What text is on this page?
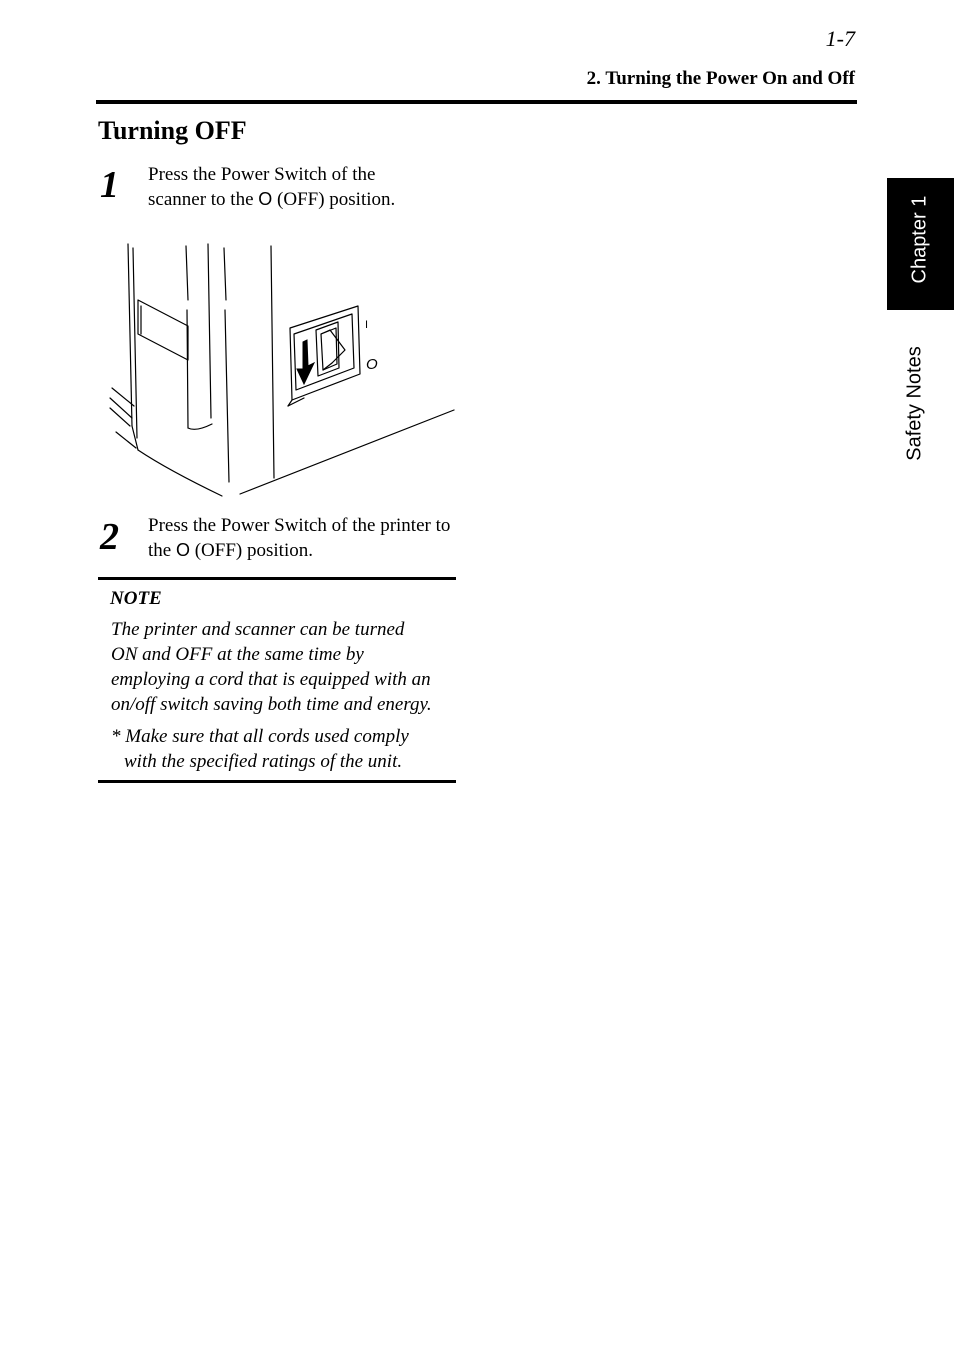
1-7
2. Turning the Power On and Off
Turning OFF
1 Press the Power Switch of the scanner to the O (OFF) position.
I
O
2 Press the Power Switch of the printer to the O (OFF) position.
NOTE
The printer and scanner can be turned
ON and OFF at the same time by
employing a cord that is equipped with an
on/off switch saving both time and energy.
* Make sure that all cords used comply
with the specified ratings of the unit.
Chapter 1
Safety Notes
